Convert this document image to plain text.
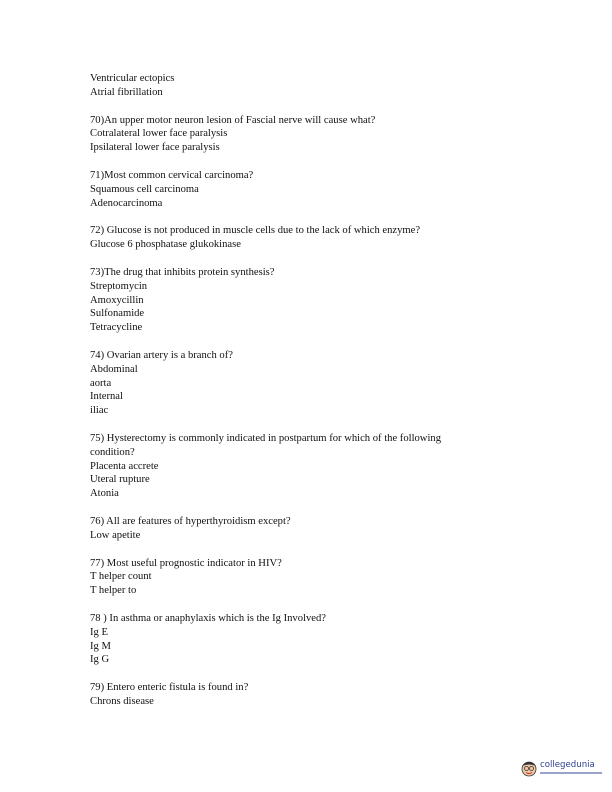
Ventricular ectopics
Atrial fibrillation
70)An upper motor neuron lesion of Fascial nerve will cause what?
Cotralateral lower face paralysis
Ipsilateral lower face paralysis
71)Most common cervical carcinoma?
Squamous cell carcinoma
Adenocarcinoma
72) Glucose is not produced in muscle cells due to the lack of which enzyme?
Glucose 6 phosphatase glukokinase
73)The drug that inhibits protein synthesis?
Streptomycin
Amoxycillin
Sulfonamide
Tetracycline
74) Ovarian artery is a branch of?
Abdominal
aorta
Internal
iliac
75) Hysterectomy is commonly indicated in postpartum for which of the following
condition?
Placenta accrete
Uteral rupture
Atonia
76) All are features of hyperthyroidism except?
Low apetite
77) Most useful prognostic indicator in HIV?
T helper count
T helper to
78 ) In asthma or anaphylaxis which is the Ig Involved?
Ig E
Ig M
Ig G
79) Entero enteric fistula is found in?
Chrons disease
collegedunia
